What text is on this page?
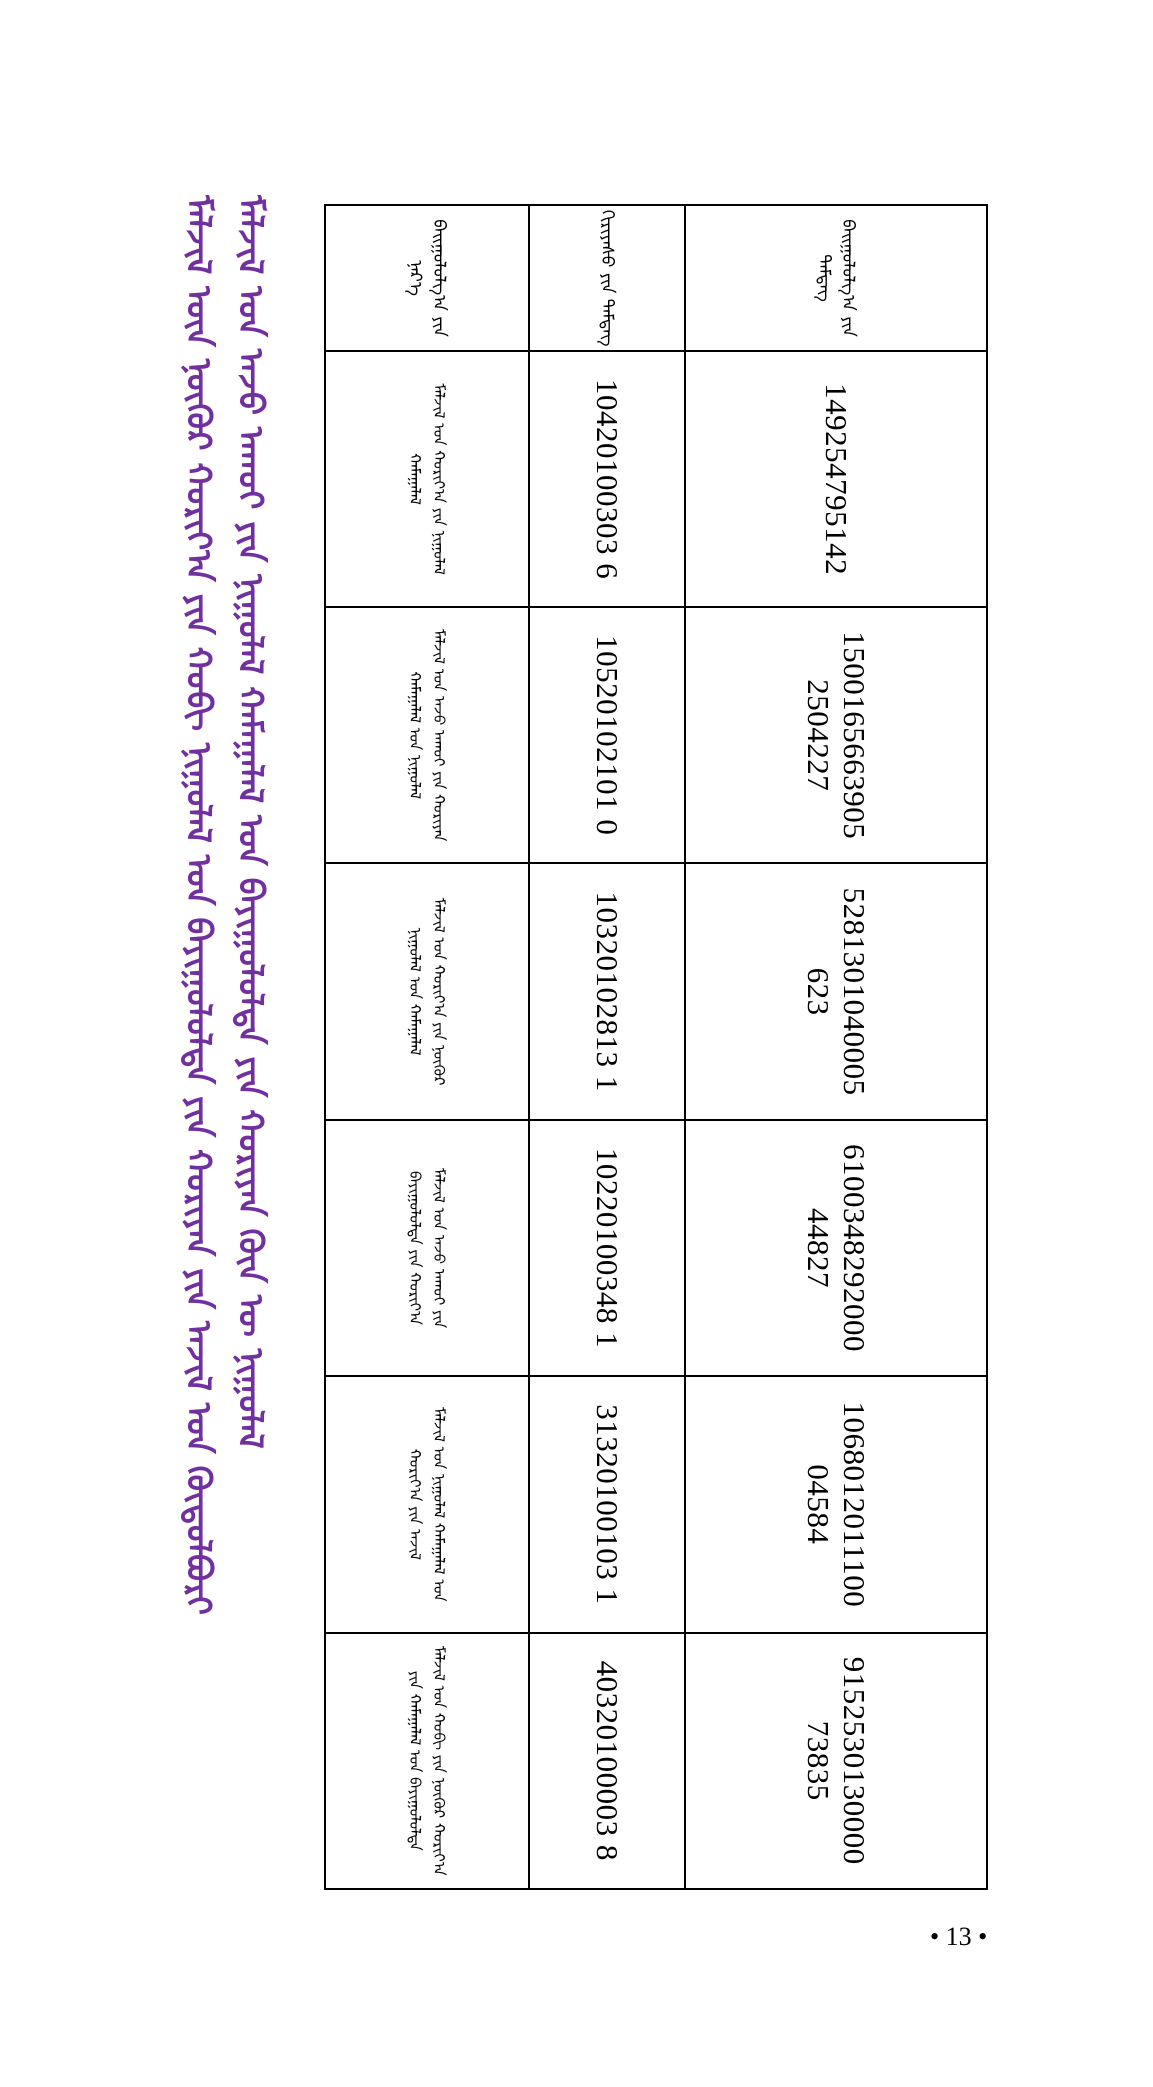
ᠮᠠᠯᠵᠢᠯ ᠦᠨ ᠨᠥᠬᠦᠷ ᠬᠣᠷᠢᠶ᠎ᠠ ᠶᠢᠨ ᠬᠤᠪᠢ ᠨᠢᠭᠤᠯᠠᠯ ᠤᠨ ᠪᠠᠶᠢᠭᠤᠯᠤᠯᠲᠠ ᠶᠢᠨ ᠬᠤᠷᠢᠶᠠᠨ ᠶᠢᠨ ᠠᠵᠢᠯ ᠤᠨ ᠬᠥᠲᠥᠯᠪᠦᠷᠢ ᠮᠠᠯᠵᠢᠯ ᠤᠨ ᠠᠵᠤ ᠠᠬᠤᠢ ᠶᠢᠨ ᠨᠢᠭᠤᠯᠠᠯ ᠬᠠᠮᠠᠭᠠᠯᠠᠯ ᠤᠨ ᠪᠠᠶᠢᠭᠤᠯᠤᠯᠲᠠ ᠶᠢᠨ ᠬᠤᠷᠢᠶᠠᠨ ᠬᠦᠨ ᠦ ᠨᠢᠭᠤᠯᠠᠯ	ᠪᠠᠢᠭᠤᠯᠤᠯᠭ᠎ᠠ ᠶᠢᠨ ᠲᠡᠮᠳᠡᠭ	149254795142	1500165663905 2504227	5281301040005 623	6100348292000 44827	1068012011100 04584	9152530130000 73835
ᠬᠢᠷᠢᠶᠠᠰᠤ ᠶᠢᠨ ᠲᠡᠮᠳᠡᠭ	10420100303 6	10520102101 0	10320102813 1	10220100348 1	31320100103 1	40320100003 8
ᠪᠠᠢᠭᠤᠯᠤᠯᠭ᠎ᠠ ᠶᠢᠨ ᠨᠡᠷ᠎ᠡ	ᠮᠠᠯᠵᠢᠯ ᠤᠨ ᠬᠣᠷᠢᠶ᠎ᠠ ᠶᠢᠨ ᠨᠢᠭᠤᠯᠠᠯ ᠬᠠᠮᠠᠭᠠᠯᠠᠯ	ᠮᠠᠯᠵᠢᠯ ᠤᠨ ᠠᠵᠤ ᠠᠬᠤᠢ ᠶᠢᠨ ᠬᠤᠷᠢᠶᠠᠨ ᠬᠠᠮᠠᠭᠠᠯᠠᠯ ᠤᠨ ᠨᠢᠭᠤᠯᠠᠯ	ᠮᠠᠯᠵᠢᠯ ᠤᠨ ᠬᠣᠷᠢᠶ᠎ᠠ ᠶᠢᠨ ᠨᠥᠬᠦᠷ ᠨᠢᠭᠤᠯᠠᠯ ᠤᠨ ᠬᠠᠮᠠᠭᠠᠯᠠᠯ	ᠮᠠᠯᠵᠢᠯ ᠤᠨ ᠠᠵᠤ ᠠᠬᠤᠢ ᠶᠢᠨ ᠪᠠᠶᠢᠭᠤᠯᠤᠯᠲᠠ ᠶᠢᠨ ᠬᠣᠷᠢᠶ᠎ᠠ	ᠮᠠᠯᠵᠢᠯ ᠤᠨ ᠨᠢᠭᠤᠯᠠᠯ ᠬᠠᠮᠠᠭᠠᠯᠠᠯ ᠤᠨ ᠬᠣᠷᠢᠶ᠎ᠠ ᠶᠢᠨ ᠠᠵᠢᠯ	ᠮᠠᠯᠵᠢᠯ ᠤᠨ ᠬᠤᠪᠢ ᠶᠢᠨ ᠨᠥᠬᠦᠷ ᠬᠣᠷᠢᠶ᠎ᠠ ᠶᠢᠨ ᠬᠠᠮᠠᠭᠠᠯᠠᠯ ᠤᠨ ᠪᠠᠶᠢᠭᠤᠯᠤᠯᠲᠠ
• 13 •
